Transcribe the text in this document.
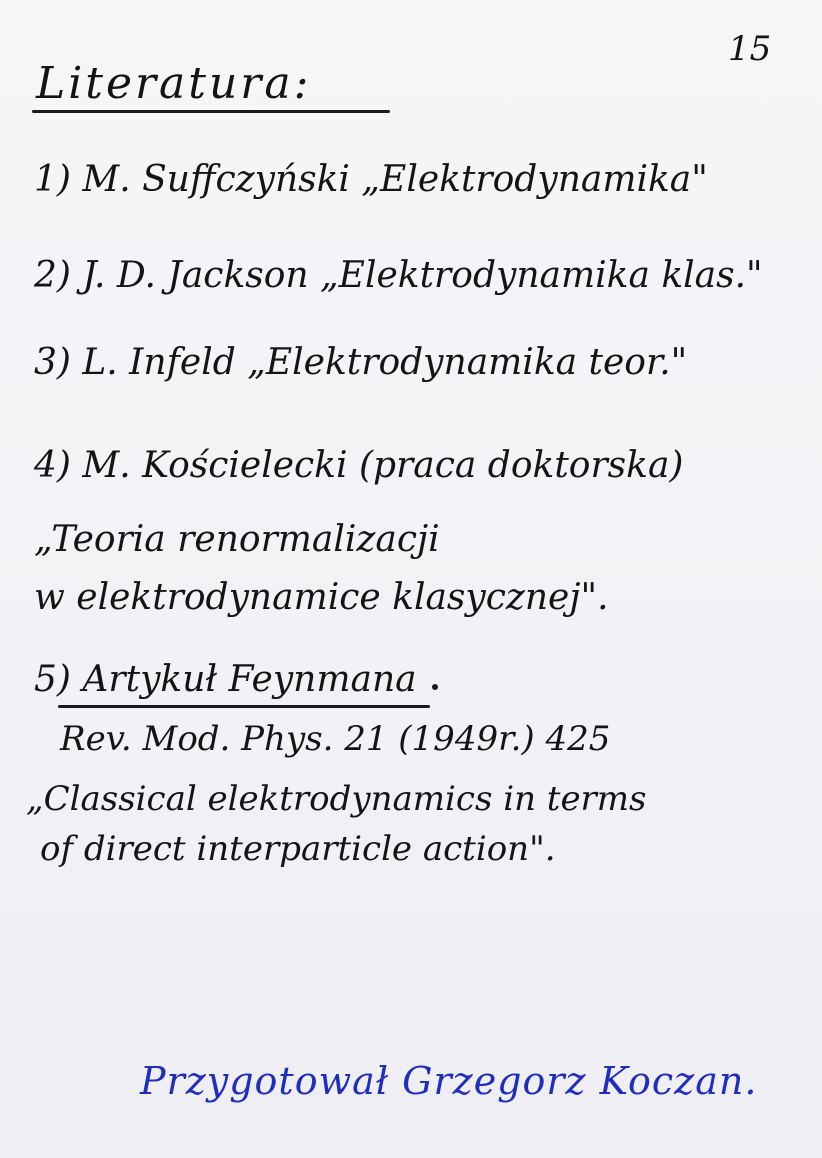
15
Literatura:
1) M. Suffczyński „Elektrodynamika"
2) J. D. Jackson „Elektrodynamika klas."
3) L. Infeld „Elektrodynamika teor."
4) M. Kościelecki (praca doktorska)
„Teoria renormalizacji
w elektrodynamice klasycznej".
5) Artykuł Feynmana
Rev. Mod. Phys. 21 (1949r.) 425
„Classical elektrodynamics in terms
of direct interparticle action".
Przygotował Grzegorz Koczan.
